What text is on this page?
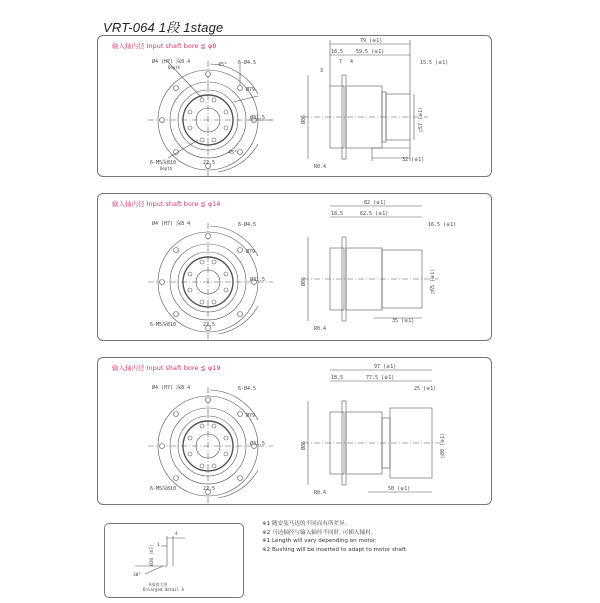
VRT-064 1段 1stage
输入轴内径 Input shaft bore ≦ φ8
Ø4 (H7) 深8 4
Depth
6-Ø4.5
45°
Ø79
Ø31.5
6-M5深810
Depth
22.5
45°
79 (※1)
18.5	59.5 (※1)
7 4
3
15.5 (※1)
32 (※1)
R0.4
Ø86	□57 (※1)
输入轴内径 Input shaft bore ≦ φ14
Ø4 (H7) 深8 4	6-Ø4.5
Ø79
Ø31.5
6-M5深810	22.5
82 (※1)
18.5	62.5 (※1)
16.5 (※1)
35 (※1)
R0.4
Ø86	□65 (※1)
输入轴内径 Input shaft bore ≦ φ19
Ø4 (H7) 深8 4	6-Ø4.5
Ø79
Ø31.5
6-M5深810	22.5
97 (※1)
18.5	77.5 (※1)
25 (※1)
50 (※1)
R0.4
Ø86	□80 (※1)
4
1
Ø20 (h7)
30°
A部放大图
Enlarged detail A
※1 随安装马达的不同而有所差异。
※2 马达轴径与输入轴径不同时, 可插入轴衬。
※1 Length will vary depending on motor.
※2 Bushing will be inserted to adapt to motor shaft.
